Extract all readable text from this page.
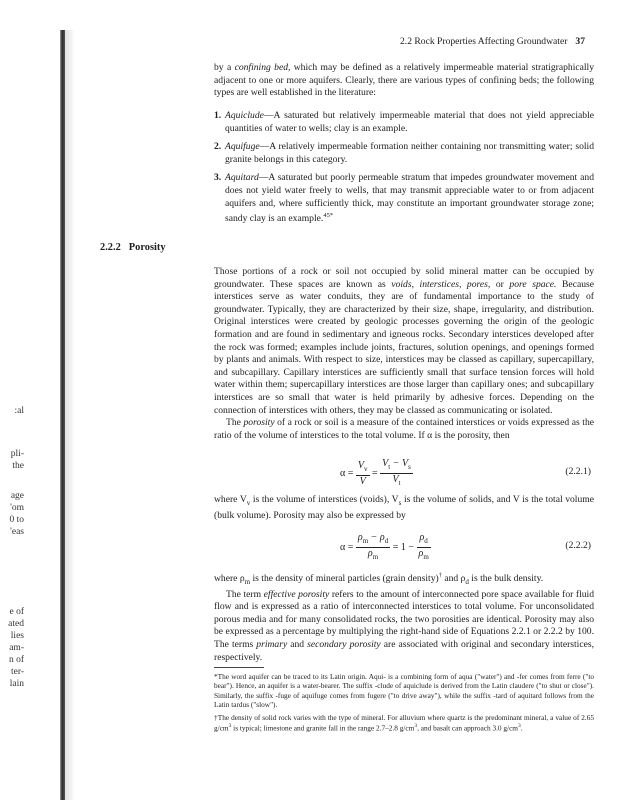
:al
pli-
the
age
'om
0 to
'eas
e of
ated
lies
am-
n of
ter-
lain
2.2 Rock Properties Affecting Groundwater 37

by a confining bed, which may be defined as a relatively impermeable material stratigraphically adjacent to one or more aquifers. Clearly, there are various types of confining beds; the following types are well established in the literature:

1. Aquiclude—A saturated but relatively impermeable material that does not yield appreciable quantities of water to wells; clay is an example.
2. Aquifuge—A relatively impermeable formation neither containing nor transmitting water; solid granite belongs in this category.
3. Aquitard—A saturated but poorly permeable stratum that impedes groundwater movement and does not yield water freely to wells, that may transmit appreciable water to or from adjacent aquifers and, where sufficiently thick, may constitute an important groundwater storage zone; sandy clay is an example.$^{45*}$
2.2.2 Porosity

Those portions of a rock or soil not occupied by solid mineral matter can be occupied by groundwater. These spaces are known as voids, interstices, pores, or pore space. Because interstices serve as water conduits, they are of fundamental importance to the study of groundwater. Typically, they are characterized by their size, shape, irregularity, and distribution. Original interstices were created by geologic processes governing the origin of the geologic formation and are found in sedimentary and igneous rocks. Secondary interstices developed after the rock was formed; examples include joints, fractures, solution openings, and openings formed by plants and animals. With respect to size, interstices may be classed as capillary, supercapillary, and subcapillary. Capillary interstices are sufficiently small that surface tension forces will hold water within them; supercapillary interstices are those larger than capillary ones; and subcapillary interstices are so small that water is held primarily by adhesive forces. Depending on the connection of interstices with others, they may be classed as communicating or isolated.

The porosity of a rock or soil is a measure of the contained interstices or voids expressed as the ratio of the volume of interstices to the total volume. If α is the porosity, then

$\alpha = \frac{V_v}{V} = \frac{V_t - V_s}{V_t}$	(2.2.1)

where $V_v$ is the volume of interstices (voids), $V_s$ is the volume of solids, and V is the total volume (bulk volume). Porosity may also be expressed by

$\alpha = \frac{\rho_m - \rho_d}{\rho_m} = 1 - \frac{\rho_d}{\rho_m}$	(2.2.2)

where $\rho_m$ is the density of mineral particles (grain density)† and $\rho_d$ is the bulk density.

The term effective porosity refers to the amount of interconnected pore space available for fluid flow and is expressed as a ratio of interconnected interstices to total volume. For unconsolidated porous media and for many consolidated rocks, the two porosities are identical. Porosity may also be expressed as a percentage by multiplying the right-hand side of Equations 2.2.1 or 2.2.2 by 100. The terms primary and secondary porosity are associated with original and secondary interstices, respectively.

*The word aquifer can be traced to its Latin origin. Aqui- is a combining form of aqua ("water") and -fer comes from ferre ("to bear"). Hence, an aquifer is a water-bearer. The suffix -clude of aquiclude is derived from the Latin claudere ("to shut or close"). Similarly, the suffix -fuge of aquifuge comes from fugere ("to drive away"), while the suffix -tard of aquitard follows from the Latin tardus ("slow").

†The density of solid rock varies with the type of mineral. For alluvium where quartz is the predominant mineral, a value of 2.65 $g/cm^3$ is typical; limestone and granite fall in the range 2.7–2.8 $g/cm^3$, and basalt can approach 3.0 $g/cm^3$.
